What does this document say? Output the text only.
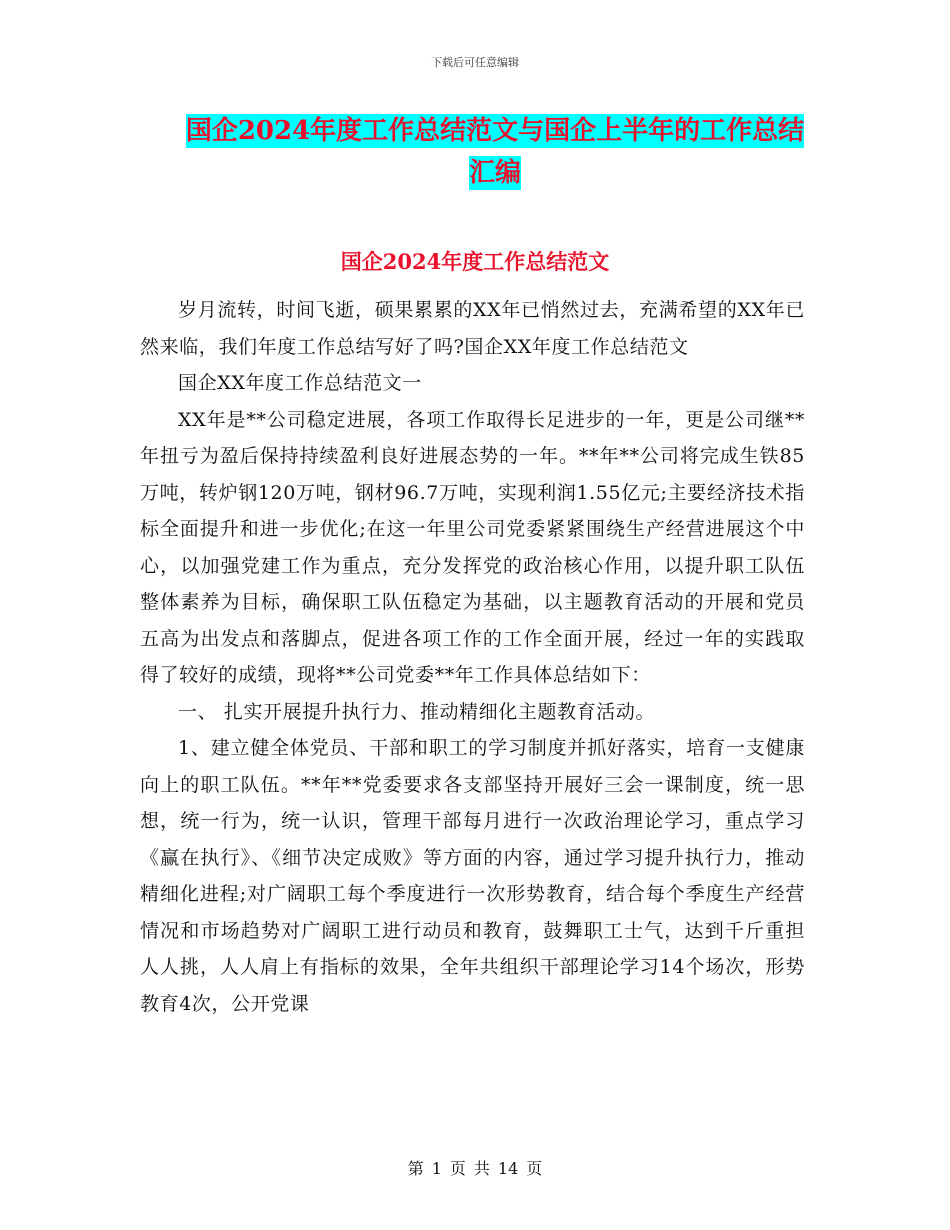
下载后可任意编辑
国企2024年度工作总结范文与国企上半年的工作总结
汇编
国企2024年度工作总结范文

岁月流转，时间飞逝，硕果累累的XX年已悄然过去，充满希望的XX年已然来临，我们年度工作总结写好了吗?国企XX年度工作总结范文

国企XX年度工作总结范文一

XX年是**公司稳定进展，各项工作取得长足进步的一年，更是公司继**年扭亏为盈后保持持续盈利良好进展态势的一年。**年**公司将完成生铁85万吨，转炉钢120万吨，钢材96.7万吨，实现利润1.55亿元;主要经济技术指标全面提升和进一步优化;在这一年里公司党委紧紧围绕生产经营进展这个中心，以加强党建工作为重点，充分发挥党的政治核心作用，以提升职工队伍整体素养为目标，确保职工队伍稳定为基础，以主题教育活动的开展和党员五高为出发点和落脚点，促进各项工作的工作全面开展，经过一年的实践取得了较好的成绩，现将**公司党委**年工作具体总结如下：

一、 扎实开展提升执行力、推动精细化主题教育活动。

1、建立健全体党员、干部和职工的学习制度并抓好落实，培育一支健康向上的职工队伍。**年**党委要求各支部坚持开展好三会一课制度，统一思想，统一行为，统一认识，管理干部每月进行一次政治理论学习，重点学习《赢在执行》、《细节决定成败》等方面的内容，通过学习提升执行力，推动精细化进程;对广阔职工每个季度进行一次形势教育，结合每个季度生产经营情况和市场趋势对广阔职工进行动员和教育，鼓舞职工士气，达到千斤重担人人挑，人人肩上有指标的效果，全年共组织干部理论学习14个场次，形势教育4次，公开党课

第 1 页 共 14 页
